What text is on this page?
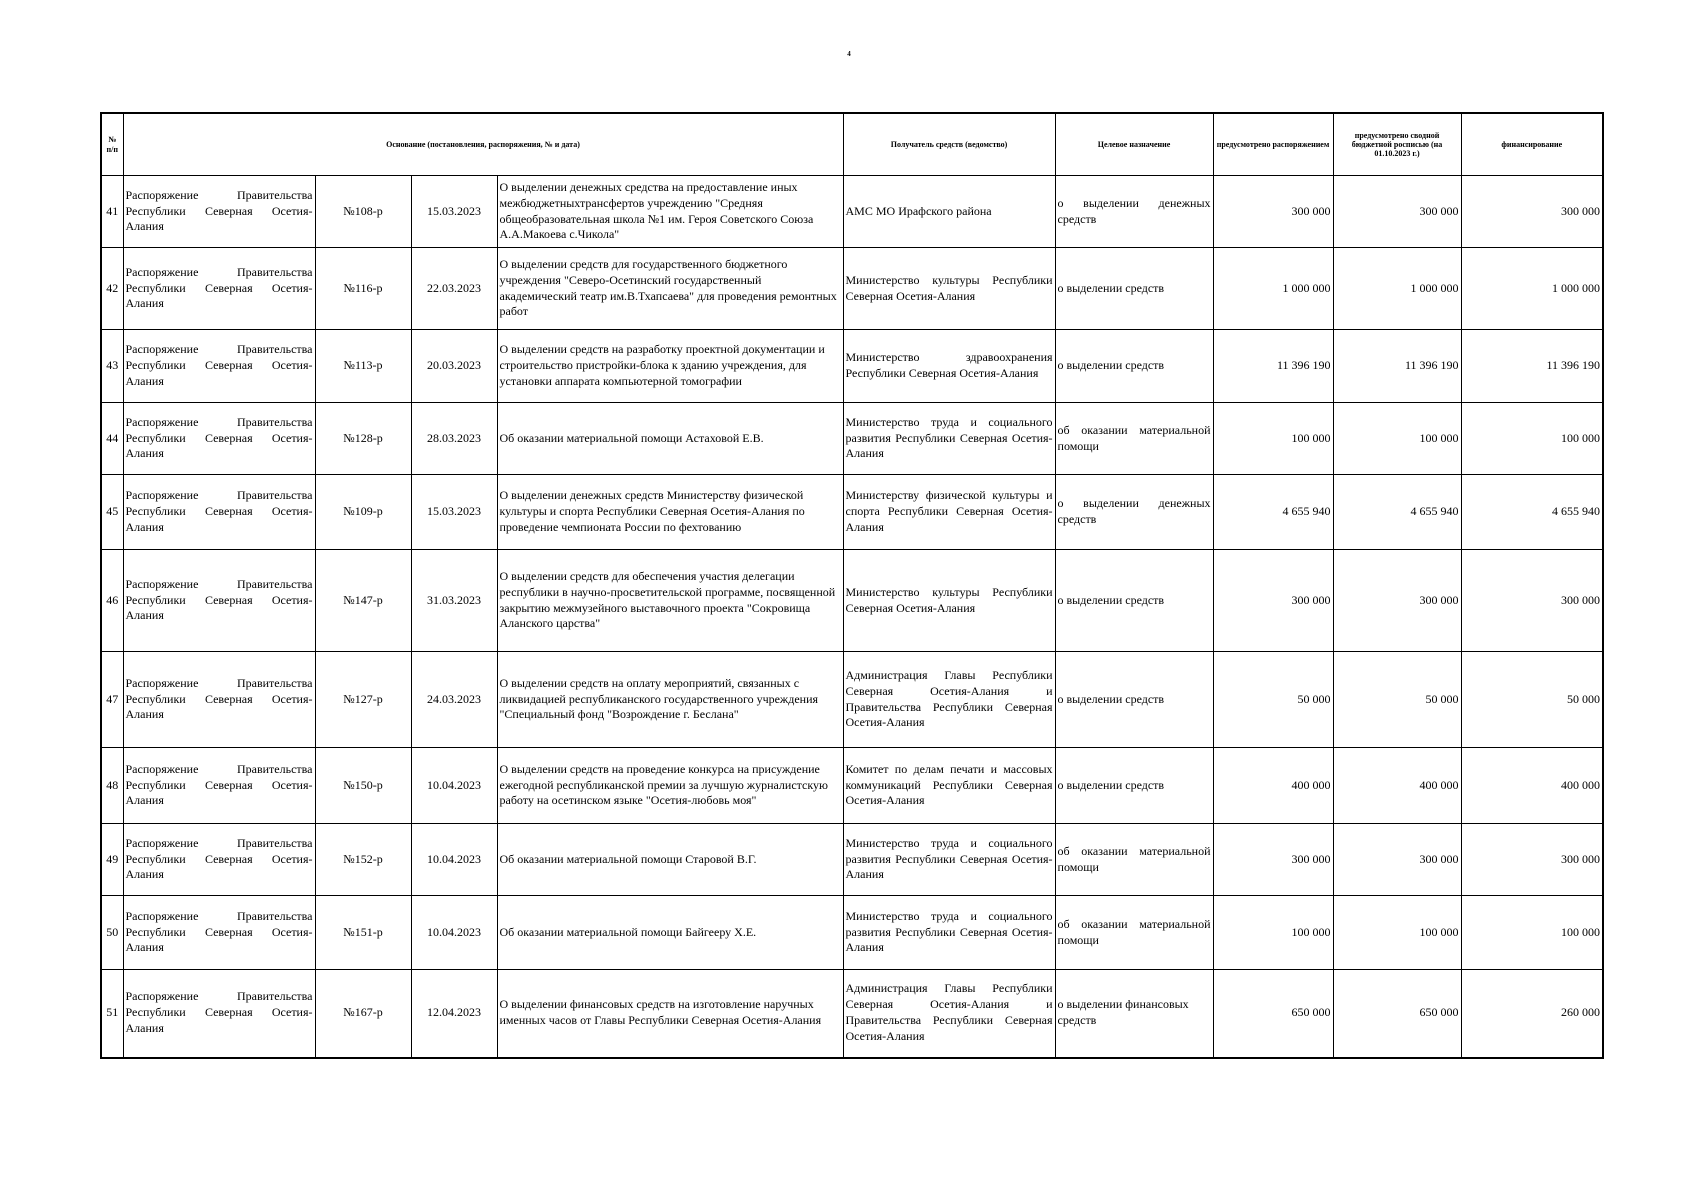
4
№ п/п	Основание (постановления, распоряжения, № и дата)				Получатель средств (ведомство)	Целевое назначение	предусмотрено распоряжением	предусмотрено сводной бюджетной росписью (на 01.10.2023 г.)	финансирование
41	Распоряжение Правительства Республики Северная Осетия-Алания	№108-р	15.03.2023	О выделении денежных средства на предоставление иных межбюджетныхтрансфертов учреждению "Средняя общеобразовательная школа №1 им. Героя Советского Союза А.А.Макоева с.Чикола"	АМС МО Ирафского района	о выделении денежных средств	300 000	300 000	300 000
42	Распоряжение Правительства Республики Северная Осетия-Алания	№116-р	22.03.2023	О выделении средств для государственного бюджетного учреждения "Северо-Осетинский государственный академический театр им.В.Тхапсаева" для проведения ремонтных работ	Министерство культуры Республики Северная Осетия-Алания	о выделении средств	1 000 000	1 000 000	1 000 000
43	Распоряжение Правительства Республики Северная Осетия-Алания	№113-р	20.03.2023	О выделении средств на разработку проектной документации и строительство пристройки-блока к зданию учреждения, для установки аппарата компьютерной томографии	Министерство здравоохранения Республики Северная Осетия-Алания	о выделении средств	11 396 190	11 396 190	11 396 190
44	Распоряжение Правительства Республики Северная Осетия-Алания	№128-р	28.03.2023	Об оказании материальной помощи Астаховой Е.В.	Министерство труда и социального развития Республики Северная Осетия-Алания	об оказании материальной помощи	100 000	100 000	100 000
45	Распоряжение Правительства Республики Северная Осетия-Алания	№109-р	15.03.2023	О выделении денежных средств Министерству физической культуры и спорта Республики Северная Осетия-Алания по проведение чемпионата России по фехтованию	Министерству физической культуры и спорта Республики Северная Осетия-Алания	о выделении денежных средств	4 655 940	4 655 940	4 655 940
46	Распоряжение Правительства Республики Северная Осетия-Алания	№147-р	31.03.2023	О выделении средств для обеспечения участия делегации республики в научно-просветительской программе, посвященной закрытию межмузейного выставочного проекта "Сокровища Аланского царства"	Министерство культуры Республики Северная Осетия-Алания	о выделении средств	300 000	300 000	300 000
47	Распоряжение Правительства Республики Северная Осетия-Алания	№127-р	24.03.2023	О выделении средств на оплату мероприятий, связанных с ликвидацией республиканского государственного учреждения "Специальный фонд "Возрождение г. Беслана"	Администрация Главы Республики Северная Осетия-Алания и Правительства Республики Северная Осетия-Алания	о выделении средств	50 000	50 000	50 000
48	Распоряжение Правительства Республики Северная Осетия-Алания	№150-р	10.04.2023	О выделении средств на проведение конкурса на присуждение ежегодной республиканской премии за лучшую журналистскую работу на осетинском языке "Осетия-любовь моя"	Комитет по делам печати и массовых коммуникаций Республики Северная Осетия-Алания	о выделении средств	400 000	400 000	400 000
49	Распоряжение Правительства Республики Северная Осетия-Алания	№152-р	10.04.2023	Об оказании материальной помощи Старовой В.Г.	Министерство труда и социального развития Республики Северная Осетия-Алания	об оказании материальной помощи	300 000	300 000	300 000
50	Распоряжение Правительства Республики Северная Осетия-Алания	№151-р	10.04.2023	Об оказании материальной помощи Байгееру Х.Е.	Министерство труда и социального развития Республики Северная Осетия-Алания	об оказании материальной помощи	100 000	100 000	100 000
51	Распоряжение Правительства Республики Северная Осетия-Алания	№167-р	12.04.2023	О выделении финансовых средств на изготовление наручных именных часов от Главы Республики Северная Осетия-Алания	Администрация Главы Республики Северная Осетия-Алания и Правительства Республики Северная Осетия-Алания	о выделении финансовых средств	650 000	650 000	260 000
